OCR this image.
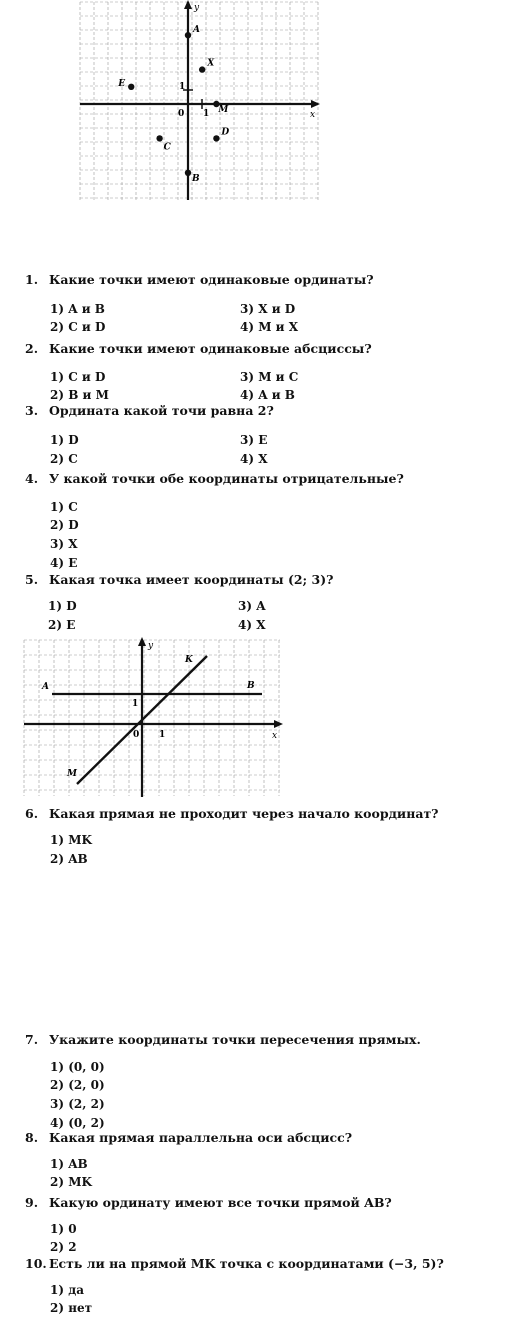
x
y
0 1
1
A
B
C
D
E
X
M
1. Какие точки имеют одинаковые ординаты?
1) A и B
2) C и D
3) X и D
4) M и X
2. Какие точки имеют одинаковые абсциссы?
1) C и D
2) B и M
3) M и C
4) A и B
3. Ордината какой точи равна 2?
1) D
2) C
3) E
4) X
4. У какой точки обе координаты отрицательные?
1) C
2) D
3) X
4) E
5. Какая точка имеет координаты (2; 3)?
1) D
2) E
3) A
4) X
x
y
0 1
1
A	B
M
K
6. Какая прямая не проходит через начало координат?
1) MK
2) AB
7. Укажите координаты точки пересечения прямых.
1) (0, 0)
2) (2, 0)
3) (2, 2)
4) (0, 2)
8. Какая прямая параллельна оси абсцисс?
1) AB
2) MK
9. Какую ординату имеют все точки прямой AB?
1) 0
2) 2
10. Есть ли на прямой MK точка с координатами (−3, 5)?
1) да
2) нет
